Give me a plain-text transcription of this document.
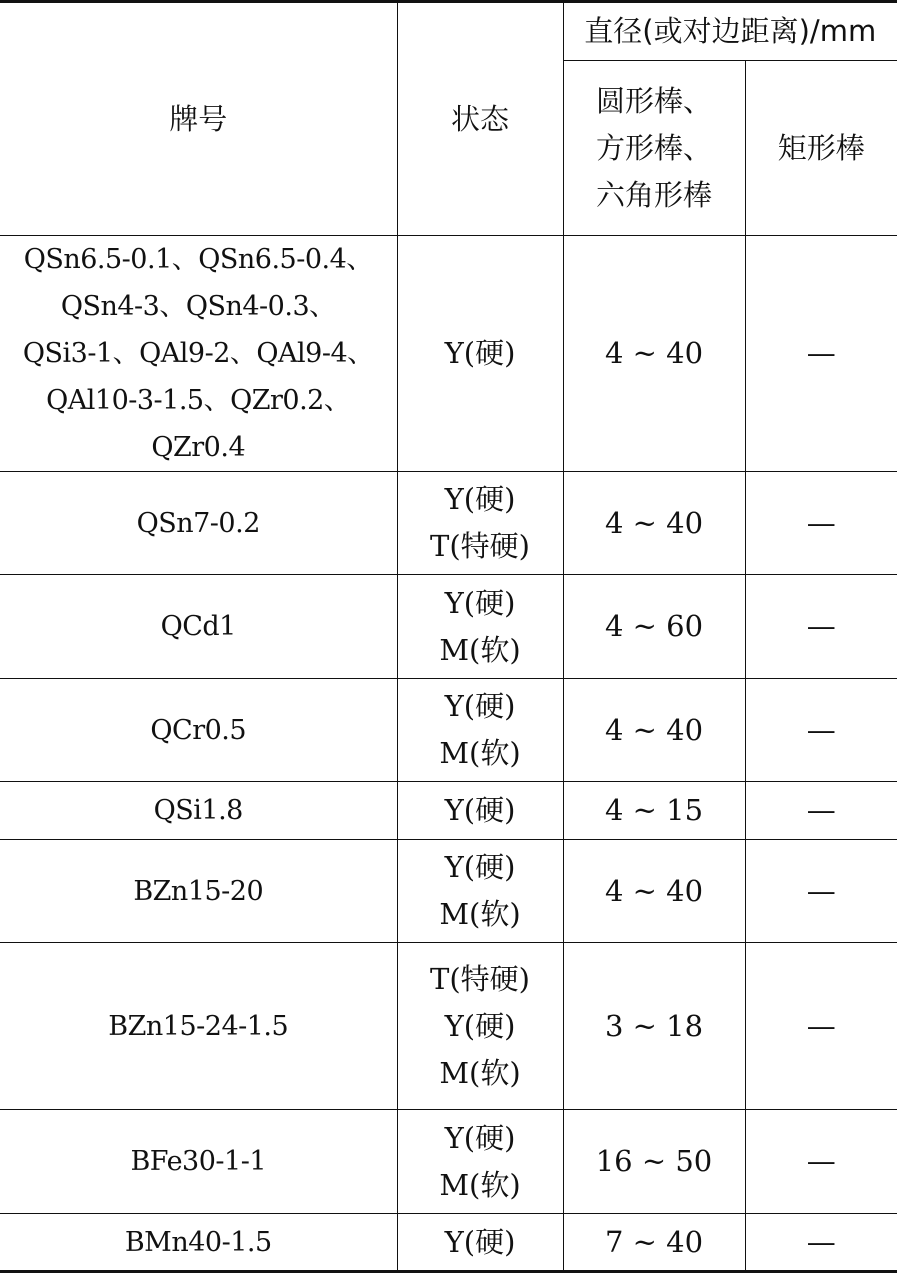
牌号	状态	直径(或对边距离)/mm	

		圆形棒、
方形棒、
六角形棒	矩形棒

QSn6.5-0.1、QSn6.5-0.4、
QSn4-3、QSn4-0.3、
QSi3-1、QAl9-2、QAl9-4、
QAl10-3-1.5、QZr0.2、QZr0.4	Y(硬)	4 ~ 40	—

QSn7-0.2	Y(硬)
T(特硬)	4 ~ 40	—

QCd1	Y(硬)
M(软)	4 ~ 60	—

QCr0.5	Y(硬)
M(软)	4 ~ 40	—

QSi1.8	Y(硬)	4 ~ 15	—

BZn15-20	Y(硬)
M(软)	4 ~ 40	—

BZn15-24-1.5	T(特硬)
Y(硬)
M(软)	3 ~ 18	—

BFe30-1-1	Y(硬)
M(软)	16 ~ 50	—

BMn40-1.5	Y(硬)	7 ~ 40	—
